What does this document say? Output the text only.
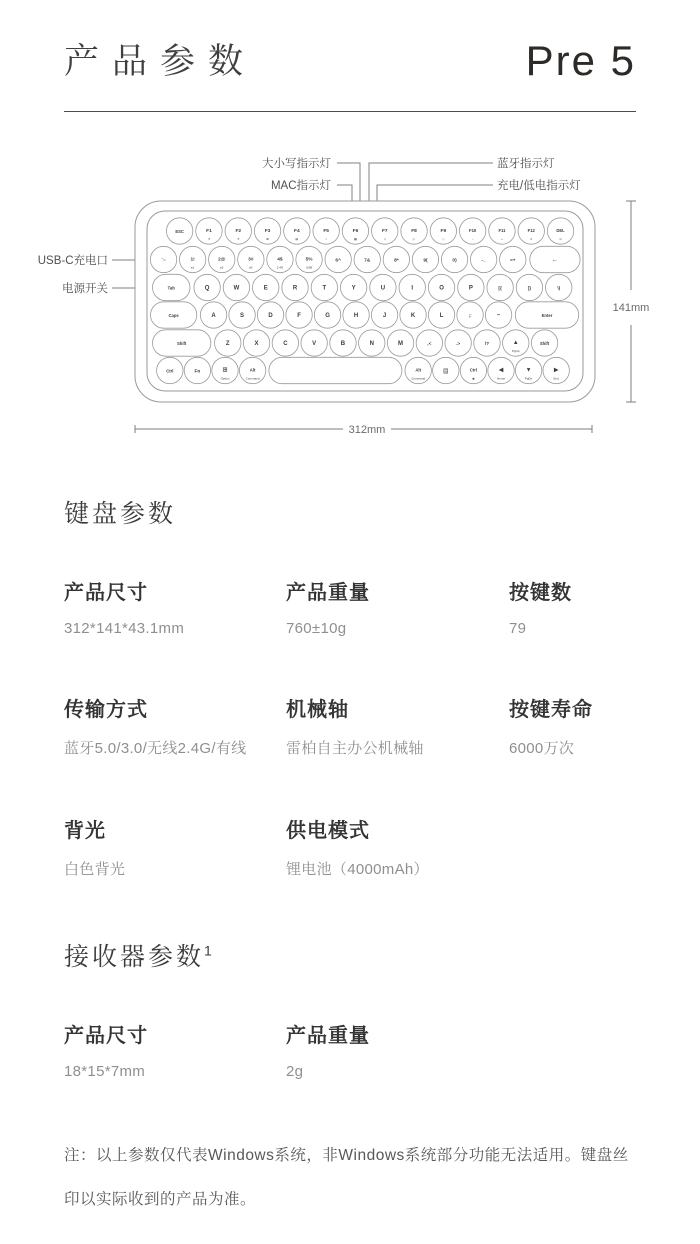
产品参数	Pre 5
大小写指示灯
MAC指示灯
蓝牙指示灯
充电/低电指示灯
USB-C充电口
电源开关
ESC	F1
☀
F2
☀
F3
✿
F4
▤
F5
♪
F6
▦
F7
◁
F8
▷
F9
◇
F10
−
F11
+
F12
≡
DEL
⊙
`~	1!
ʙ1
2@
ʙ2
3#
ʙ3
4$
2.4G
5%
USB
6^	7&	8*	9(	0)	-_	=+	←
Tab	Q	W	E	R	T	Y	U	I	O	P	[{	]}	\|
Caps	A	S	D	F	G	H	J	K	L	;:	'"	Enter
Shift	Z	X	C	V	B	N	M	,<	.>	/?	▲
PgUp
Shift
Ctrl	Fn	⊞
Option
Alt
Command
Alt
Command
▤	Ctrl
◉
◀
Home
▼
PgDn
▶
End
141mm
312mm
键盘参数
产品尺寸
312*141*43.1mm
产品重量
760±10g
按键数
79
传输方式
蓝牙5.0/3.0/无线2.4G/有线
机械轴
雷柏自主办公机械轴
按键寿命
6000万次
背光
白色背光
供电模式
锂电池（4000mAh）
接收器参数$^1$
产品尺寸
18*15*7mm
产品重量
2g
注：以上参数仅代表Windows系统，非Windows系统部分功能无法适用。键盘丝印以实际收到的产品为准。
